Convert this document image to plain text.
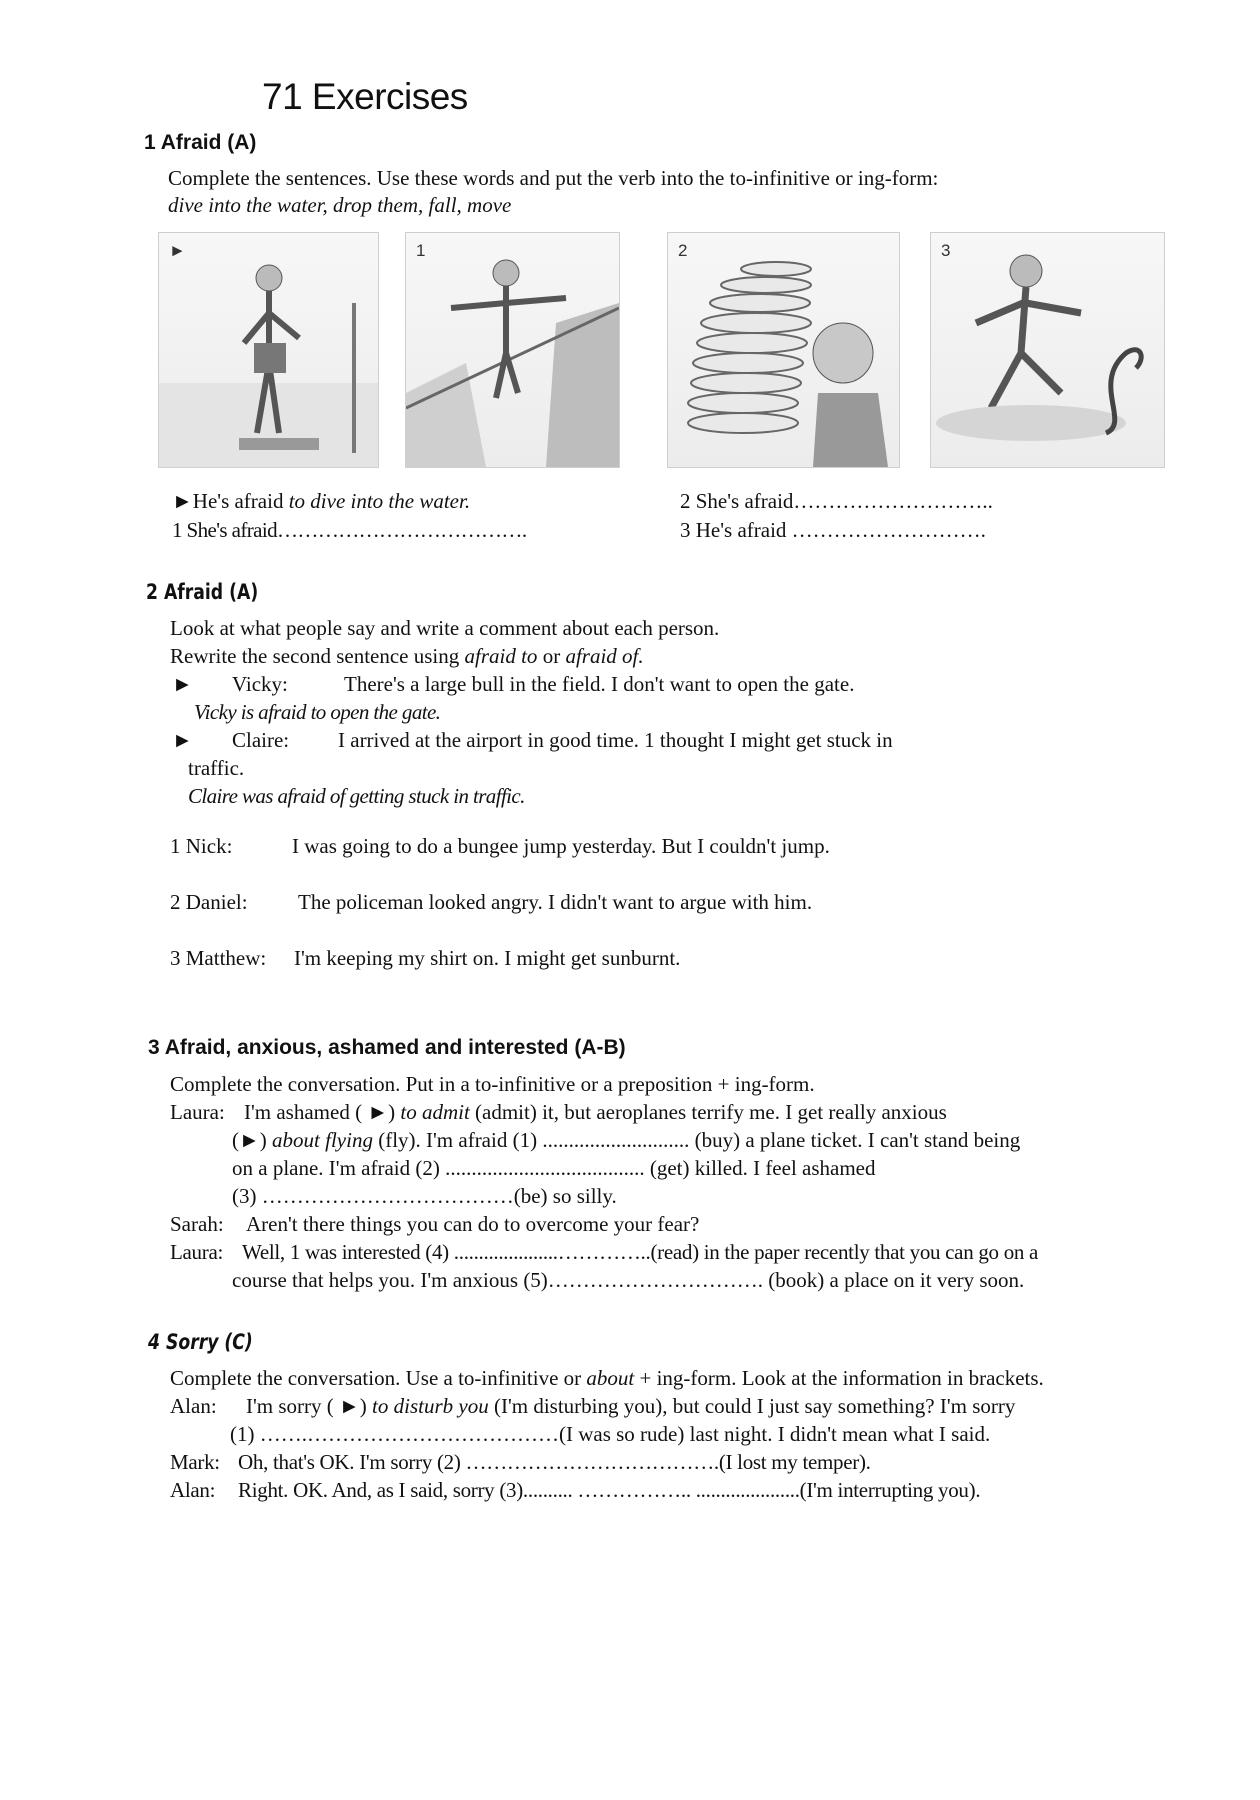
71 Exercises
1 Afraid (A)
Complete the sentences. Use these words and put the verb into the to-infinitive or ing-form:
dive into the water, drop them, fall, move
►	1	2	3
►He's afraid to dive into the water.
1 She's afraid……………………………….
2 She's afraid………………………..
3 He's afraid ……………………….
2 Afraid (A)
Look at what people say and write a comment about each person.
Rewrite the second sentence using afraid to or afraid of.
► Vicky:	There's a large bull in the field. I don't want to open the gate.
Vicky is afraid to open the gate.
► Claire: I arrived at the airport in good time. 1 thought I might get stuck in
traffic.
Claire was afraid of getting stuck in traffic.
1 Nick:	I was going to do a bungee jump yesterday. But I couldn't jump.
2 Daniel: The policeman looked angry. I didn't want to argue with him.
3 Matthew: I'm keeping my shirt on. I might get sunburnt.
3 Afraid, anxious, ashamed and interested (A-B)
Complete the conversation. Put in a to-infinitive or a preposition + ing-form.
Laura: I'm ashamed ( ►) to admit (admit) it, but aeroplanes terrify me. I get really anxious
(►) about flying (fly). I'm afraid (1) ............................ (buy) a plane ticket. I can't stand being
on a plane. I'm afraid (2) ...................................... (get) killed. I feel ashamed
(3) ………………………………(be) so silly.
Sarah: Aren't there things you can do to overcome your fear?
Laura: Well, 1 was interested (4) .....................…………..(read) in the paper recently that you can go on a
course that helps you. I'm anxious (5)…………………………. (book) a place on it very soon.
4 Sorry (C)
Complete the conversation. Use a to-infinitive or about + ing-form. Look at the information in brackets.
Alan: I'm sorry ( ►) to disturb you (I'm disturbing you), but could I just say something? I'm sorry
(1) …….………………………………(I was so rude) last night. I didn't mean what I said.
Mark: Oh, that's OK. I'm sorry (2) ……………………………….(I lost my temper).
Alan: Right. OK. And, as I said, sorry (3).......... …………….. .....................(I'm interrupting you).
